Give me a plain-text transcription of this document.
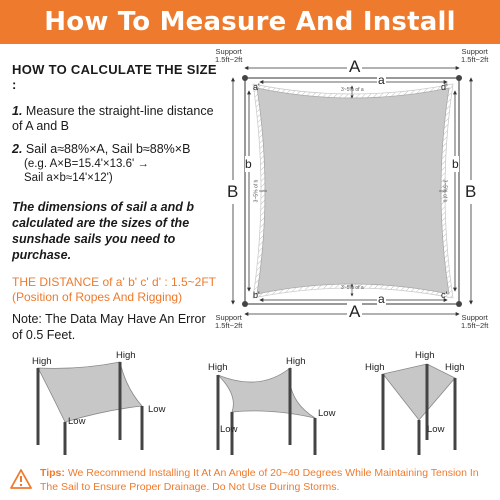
How To Measure And Install
HOW TO CALCULATE THE SIZE :
1. Measure the straight-line distance of A and B
2. Sail a≈88%×A, Sail b≈88%×B
(e.g. A×B=15.4'×13.6' →
Sail a×b≈14'×12')
The dimensions of sail a and b calculated are the sizes of the sunshade sails you need to purchase.
THE DISTANCE of a' b' c' d' : 1.5~2FT
(Position of Ropes And Rigging)
Note: The Data May Have An Error of 0.5 Feet.
Support
1.5ft~2ft
Support
1.5ft~2ft
Support
1.5ft~2ft
Support
1.5ft~2ft
A
A
B	B
a
a
b	b
a'	d'
b'	c'
3~5% of a
3~5% of a
3~5% of b	3~5% of b
High
High
Low
Low
High
High
Low
Low
High
High
High
Low
Tips: We Recommend Installing It At An Angle of 20~40 Degrees While Maintaining Tension In The Sail to Ensure Proper Drainage. Do Not Use During Storms.
